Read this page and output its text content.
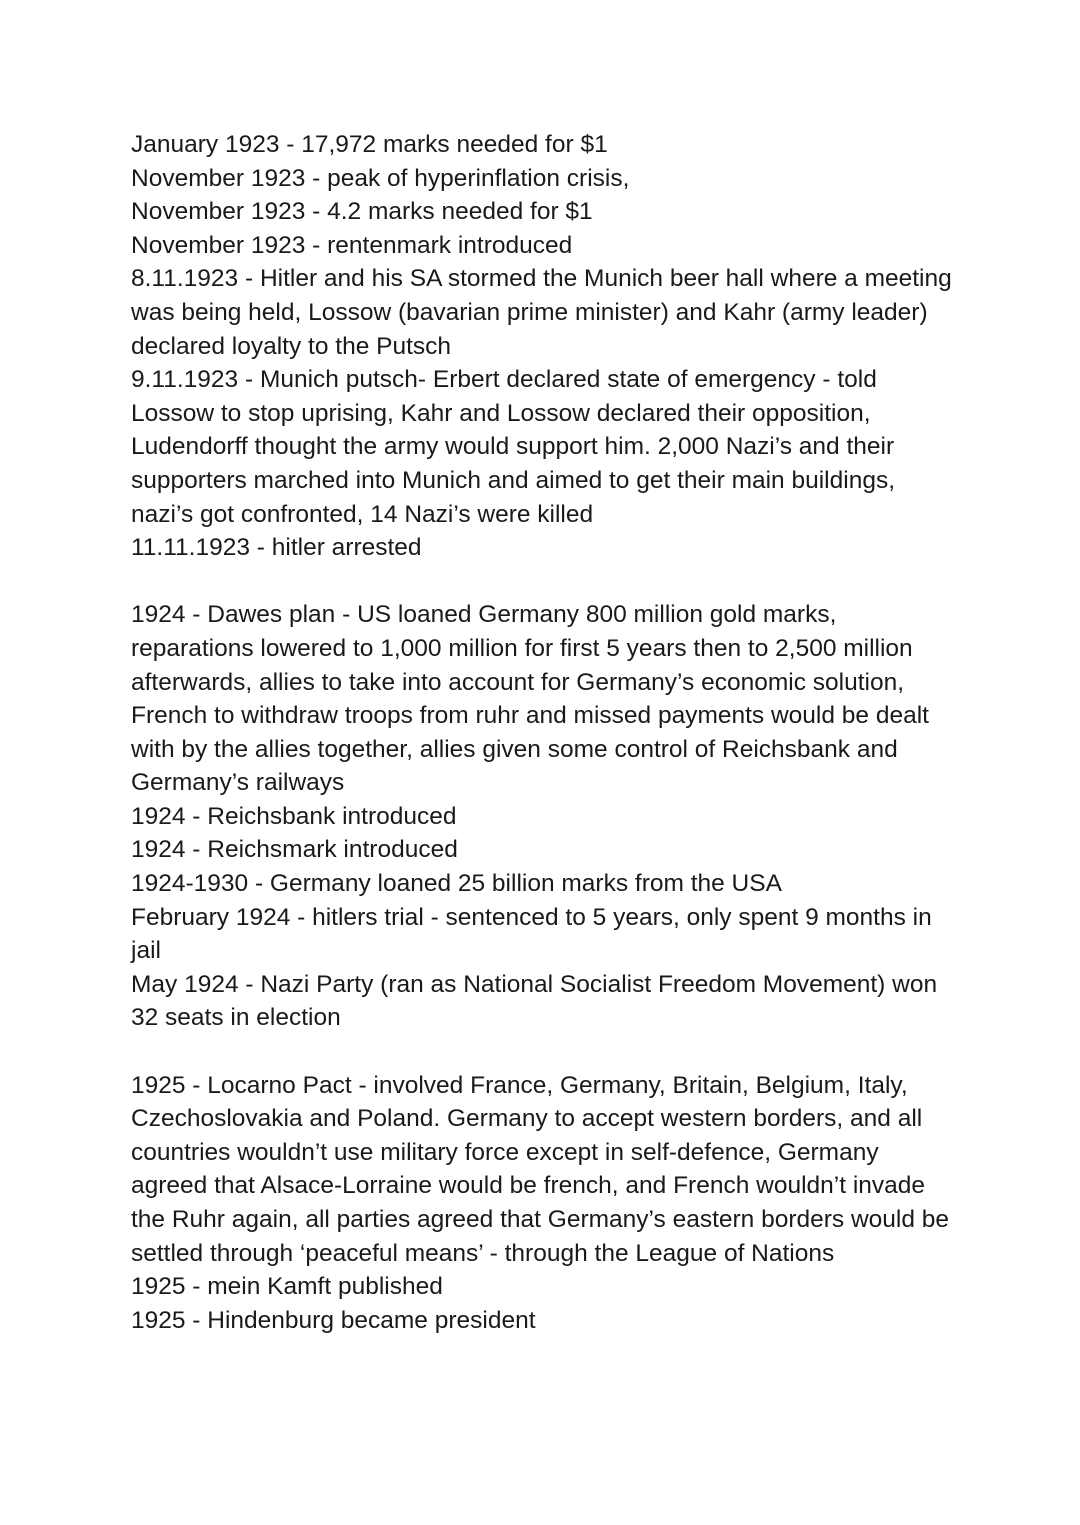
January 1923 - 17,972 marks needed for $1

November 1923 - peak of hyperinflation crisis,

November 1923 - 4.2 marks needed for $1

November 1923 - rentenmark introduced

8.11.1923 - Hitler and his SA stormed the Munich beer hall where a meeting was being held, Lossow (bavarian prime minister) and Kahr (army leader) declared loyalty to the Putsch

9.11.1923 - Munich putsch- Erbert declared state of emergency - told Lossow to stop uprising, Kahr and Lossow declared their opposition, Ludendorff thought the army would support him. 2,000 Nazi’s and their supporters marched into Munich and aimed to get their main buildings, nazi’s got confronted, 14 Nazi’s were killed

11.11.1923 - hitler arrested

1924 - Dawes plan - US loaned Germany 800 million gold marks, reparations lowered to 1,000 million for first 5 years then to 2,500 million afterwards, allies to take into account for Germany’s economic solution, French to withdraw troops from ruhr and missed payments would be dealt with by the allies together, allies given some control of Reichsbank and Germany’s railways

1924 - Reichsbank introduced

1924 - Reichsmark introduced

1924-1930 - Germany loaned 25 billion marks from the USA

February 1924 - hitlers trial - sentenced to 5 years, only spent 9 months in jail

May 1924 - Nazi Party (ran as National Socialist Freedom Movement) won 32 seats in election

1925 - Locarno Pact - involved France, Germany, Britain, Belgium, Italy, Czechoslovakia and Poland. Germany to accept western borders, and all countries wouldn’t use military force except in self-defence, Germany agreed that Alsace-Lorraine would be french, and French wouldn’t invade the Ruhr again, all parties agreed that Germany’s eastern borders would be settled through ‘peaceful means’ - through the League of Nations

1925 - mein Kamft published

1925 - Hindenburg became president
